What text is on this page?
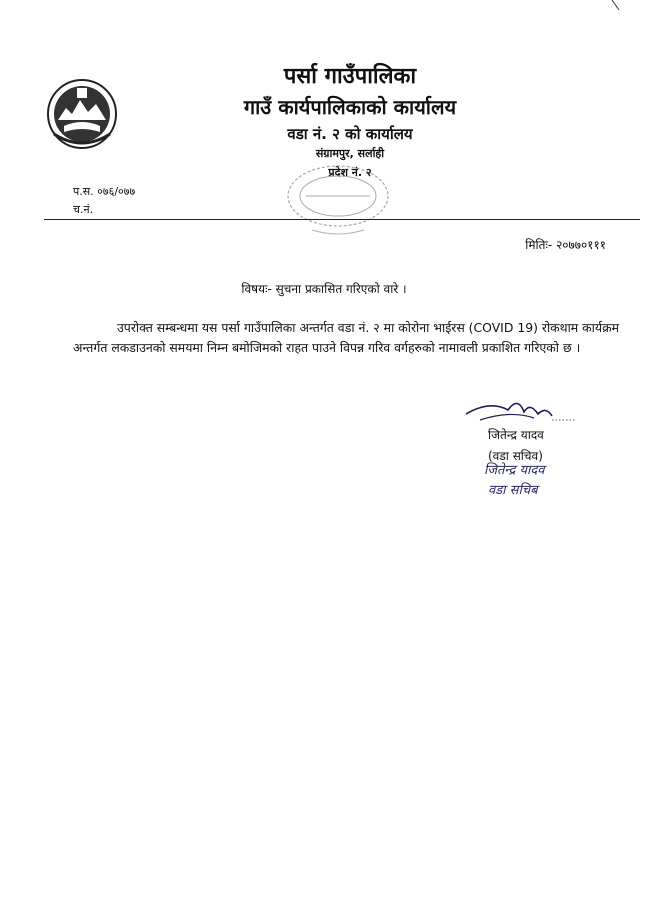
पर्सा गाउँपालिका
गाउँ कार्यपालिकाको कार्यालय
वडा नं. २ को कार्यालय
संग्रामपुर, सर्लाही
प्रदेश नं. २
प.स. ०७६/०७७
च.नं.
मितिः- २०७७०१११
विषयः- सुचना प्रकासित गरिएको वारे ।
उपरोक्त सम्बन्धमा यस पर्सा गाउँपालिका अन्तर्गत वडा नं. २ मा कोरोना भाईरस (COVID 19) रोकथाम कार्यक्रम अन्तर्गत लकडाउनको समयमा निम्न बमोजिमको राहत पाउने विपन्न गरिव वर्गहरुको नामावली प्रकाशित गरिएको छ ।
जितेन्द्र यादव
(वडा सचिव)
जितेन्द्र यादव
वडा सचिब
